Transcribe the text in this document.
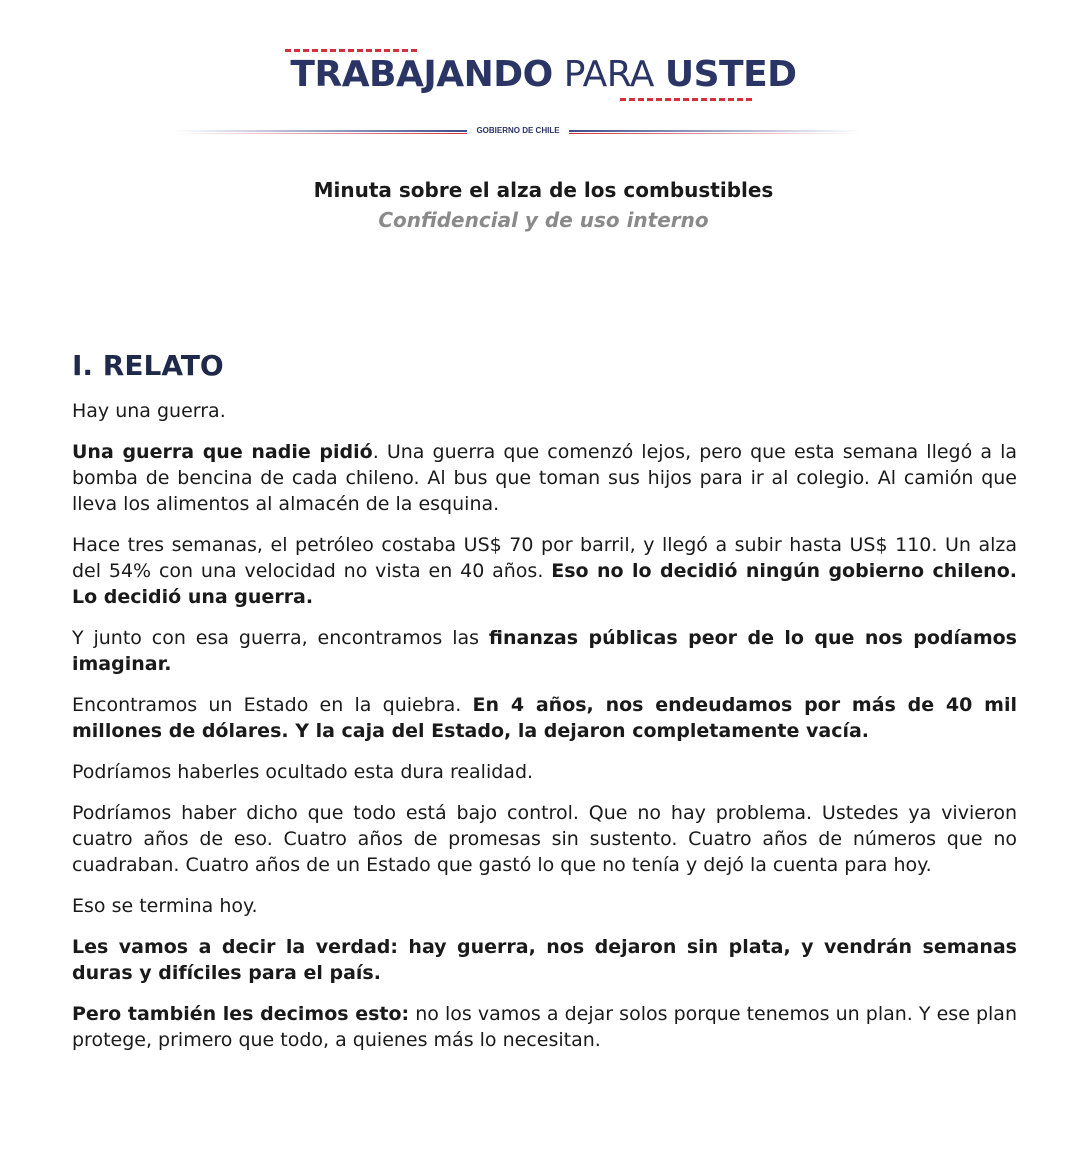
TRABAJANDO PARA USTED
GOBIERNO DE CHILE
Minuta sobre el alza de los combustibles
Confidencial y de uso interno
I. RELATO

Hay una guerra.

Una guerra que nadie pidió. Una guerra que comenzó lejos, pero que esta semana llegó a la bomba de bencina de cada chileno. Al bus que toman sus hijos para ir al colegio. Al camión que lleva los alimentos al almacén de la esquina.

Hace tres semanas, el petróleo costaba US$ 70 por barril, y llegó a subir hasta US$ 110. Un alza del 54% con una velocidad no vista en 40 años. Eso no lo decidió ningún gobierno chileno. Lo decidió una guerra.

Y junto con esa guerra, encontramos las finanzas públicas peor de lo que nos podíamos imaginar.

Encontramos un Estado en la quiebra. En 4 años, nos endeudamos por más de 40 mil millones de dólares. Y la caja del Estado, la dejaron completamente vacía.

Podríamos haberles ocultado esta dura realidad.

Podríamos haber dicho que todo está bajo control. Que no hay problema. Ustedes ya vivieron cuatro años de eso. Cuatro años de promesas sin sustento. Cuatro años de números que no cuadraban. Cuatro años de un Estado que gastó lo que no tenía y dejó la cuenta para hoy.

Eso se termina hoy.

Les vamos a decir la verdad: hay guerra, nos dejaron sin plata, y vendrán semanas duras y difíciles para el país.

Pero también les decimos esto: no los vamos a dejar solos porque tenemos un plan. Y ese plan protege, primero que todo, a quienes más lo necesitan.
